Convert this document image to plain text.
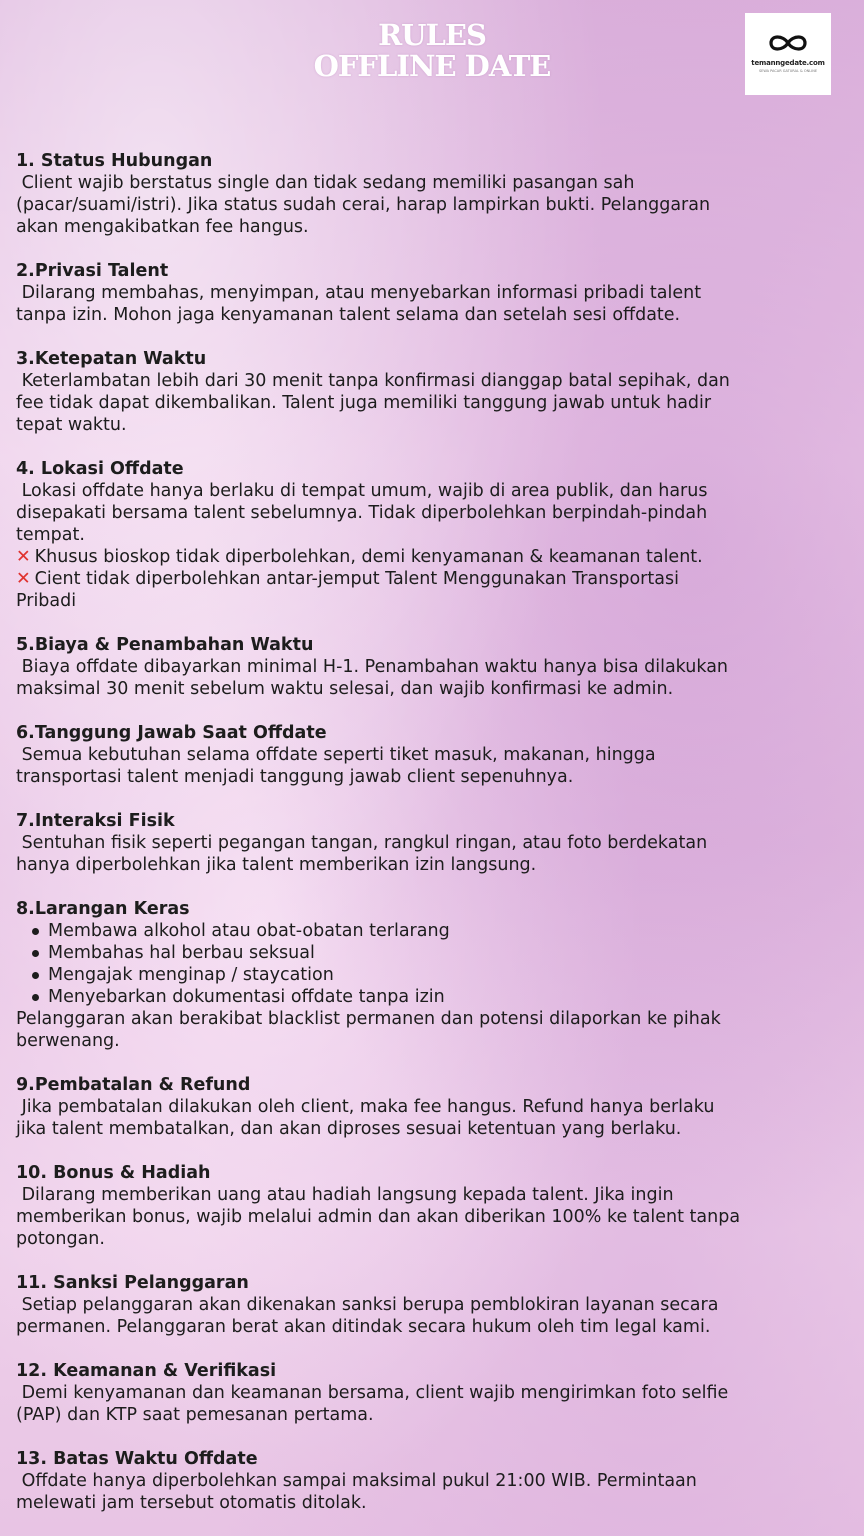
RULES
OFFLINE DATE	temanngedate.com
SEWA PACAR GATURAL & ONLINE
1. Status Hubungan
Client wajib berstatus single dan tidak sedang memiliki pasangan sah
(pacar/suami/istri). Jika status sudah cerai, harap lampirkan bukti. Pelanggaran
akan mengakibatkan fee hangus.
2.Privasi Talent
Dilarang membahas, menyimpan, atau menyebarkan informasi pribadi talent
tanpa izin. Mohon jaga kenyamanan talent selama dan setelah sesi offdate.
3.Ketepatan Waktu
Keterlambatan lebih dari 30 menit tanpa konfirmasi dianggap batal sepihak, dan
fee tidak dapat dikembalikan. Talent juga memiliki tanggung jawab untuk hadir
tepat waktu.
4. Lokasi Offdate
Lokasi offdate hanya berlaku di tempat umum, wajib di area publik, dan harus
disepakati bersama talent sebelumnya. Tidak diperbolehkan berpindah-pindah
tempat.
✕ Khusus bioskop tidak diperbolehkan, demi kenyamanan & keamanan talent.
✕ Cient tidak diperbolehkan antar-jemput Talent Menggunakan Transportasi
Pribadi
5.Biaya & Penambahan Waktu
Biaya offdate dibayarkan minimal H-1. Penambahan waktu hanya bisa dilakukan
maksimal 30 menit sebelum waktu selesai, dan wajib konfirmasi ke admin.
6.Tanggung Jawab Saat Offdate
Semua kebutuhan selama offdate seperti tiket masuk, makanan, hingga
transportasi talent menjadi tanggung jawab client sepenuhnya.
7.Interaksi Fisik
Sentuhan fisik seperti pegangan tangan, rangkul ringan, atau foto berdekatan
hanya diperbolehkan jika talent memberikan izin langsung.
8.Larangan Keras
Membawa alkohol atau obat-obatan terlarang
Membahas hal berbau seksual
Mengajak menginap / staycation
Menyebarkan dokumentasi offdate tanpa izin
Pelanggaran akan berakibat blacklist permanen dan potensi dilaporkan ke pihak
berwenang.
9.Pembatalan & Refund
Jika pembatalan dilakukan oleh client, maka fee hangus. Refund hanya berlaku
jika talent membatalkan, dan akan diproses sesuai ketentuan yang berlaku.
10. Bonus & Hadiah
Dilarang memberikan uang atau hadiah langsung kepada talent. Jika ingin
memberikan bonus, wajib melalui admin dan akan diberikan 100% ke talent tanpa
potongan.
11. Sanksi Pelanggaran
Setiap pelanggaran akan dikenakan sanksi berupa pemblokiran layanan secara
permanen. Pelanggaran berat akan ditindak secara hukum oleh tim legal kami.
12. Keamanan & Verifikasi
Demi kenyamanan dan keamanan bersama, client wajib mengirimkan foto selfie
(PAP) dan KTP saat pemesanan pertama.
13. Batas Waktu Offdate
Offdate hanya diperbolehkan sampai maksimal pukul 21:00 WIB. Permintaan
melewati jam tersebut otomatis ditolak.
